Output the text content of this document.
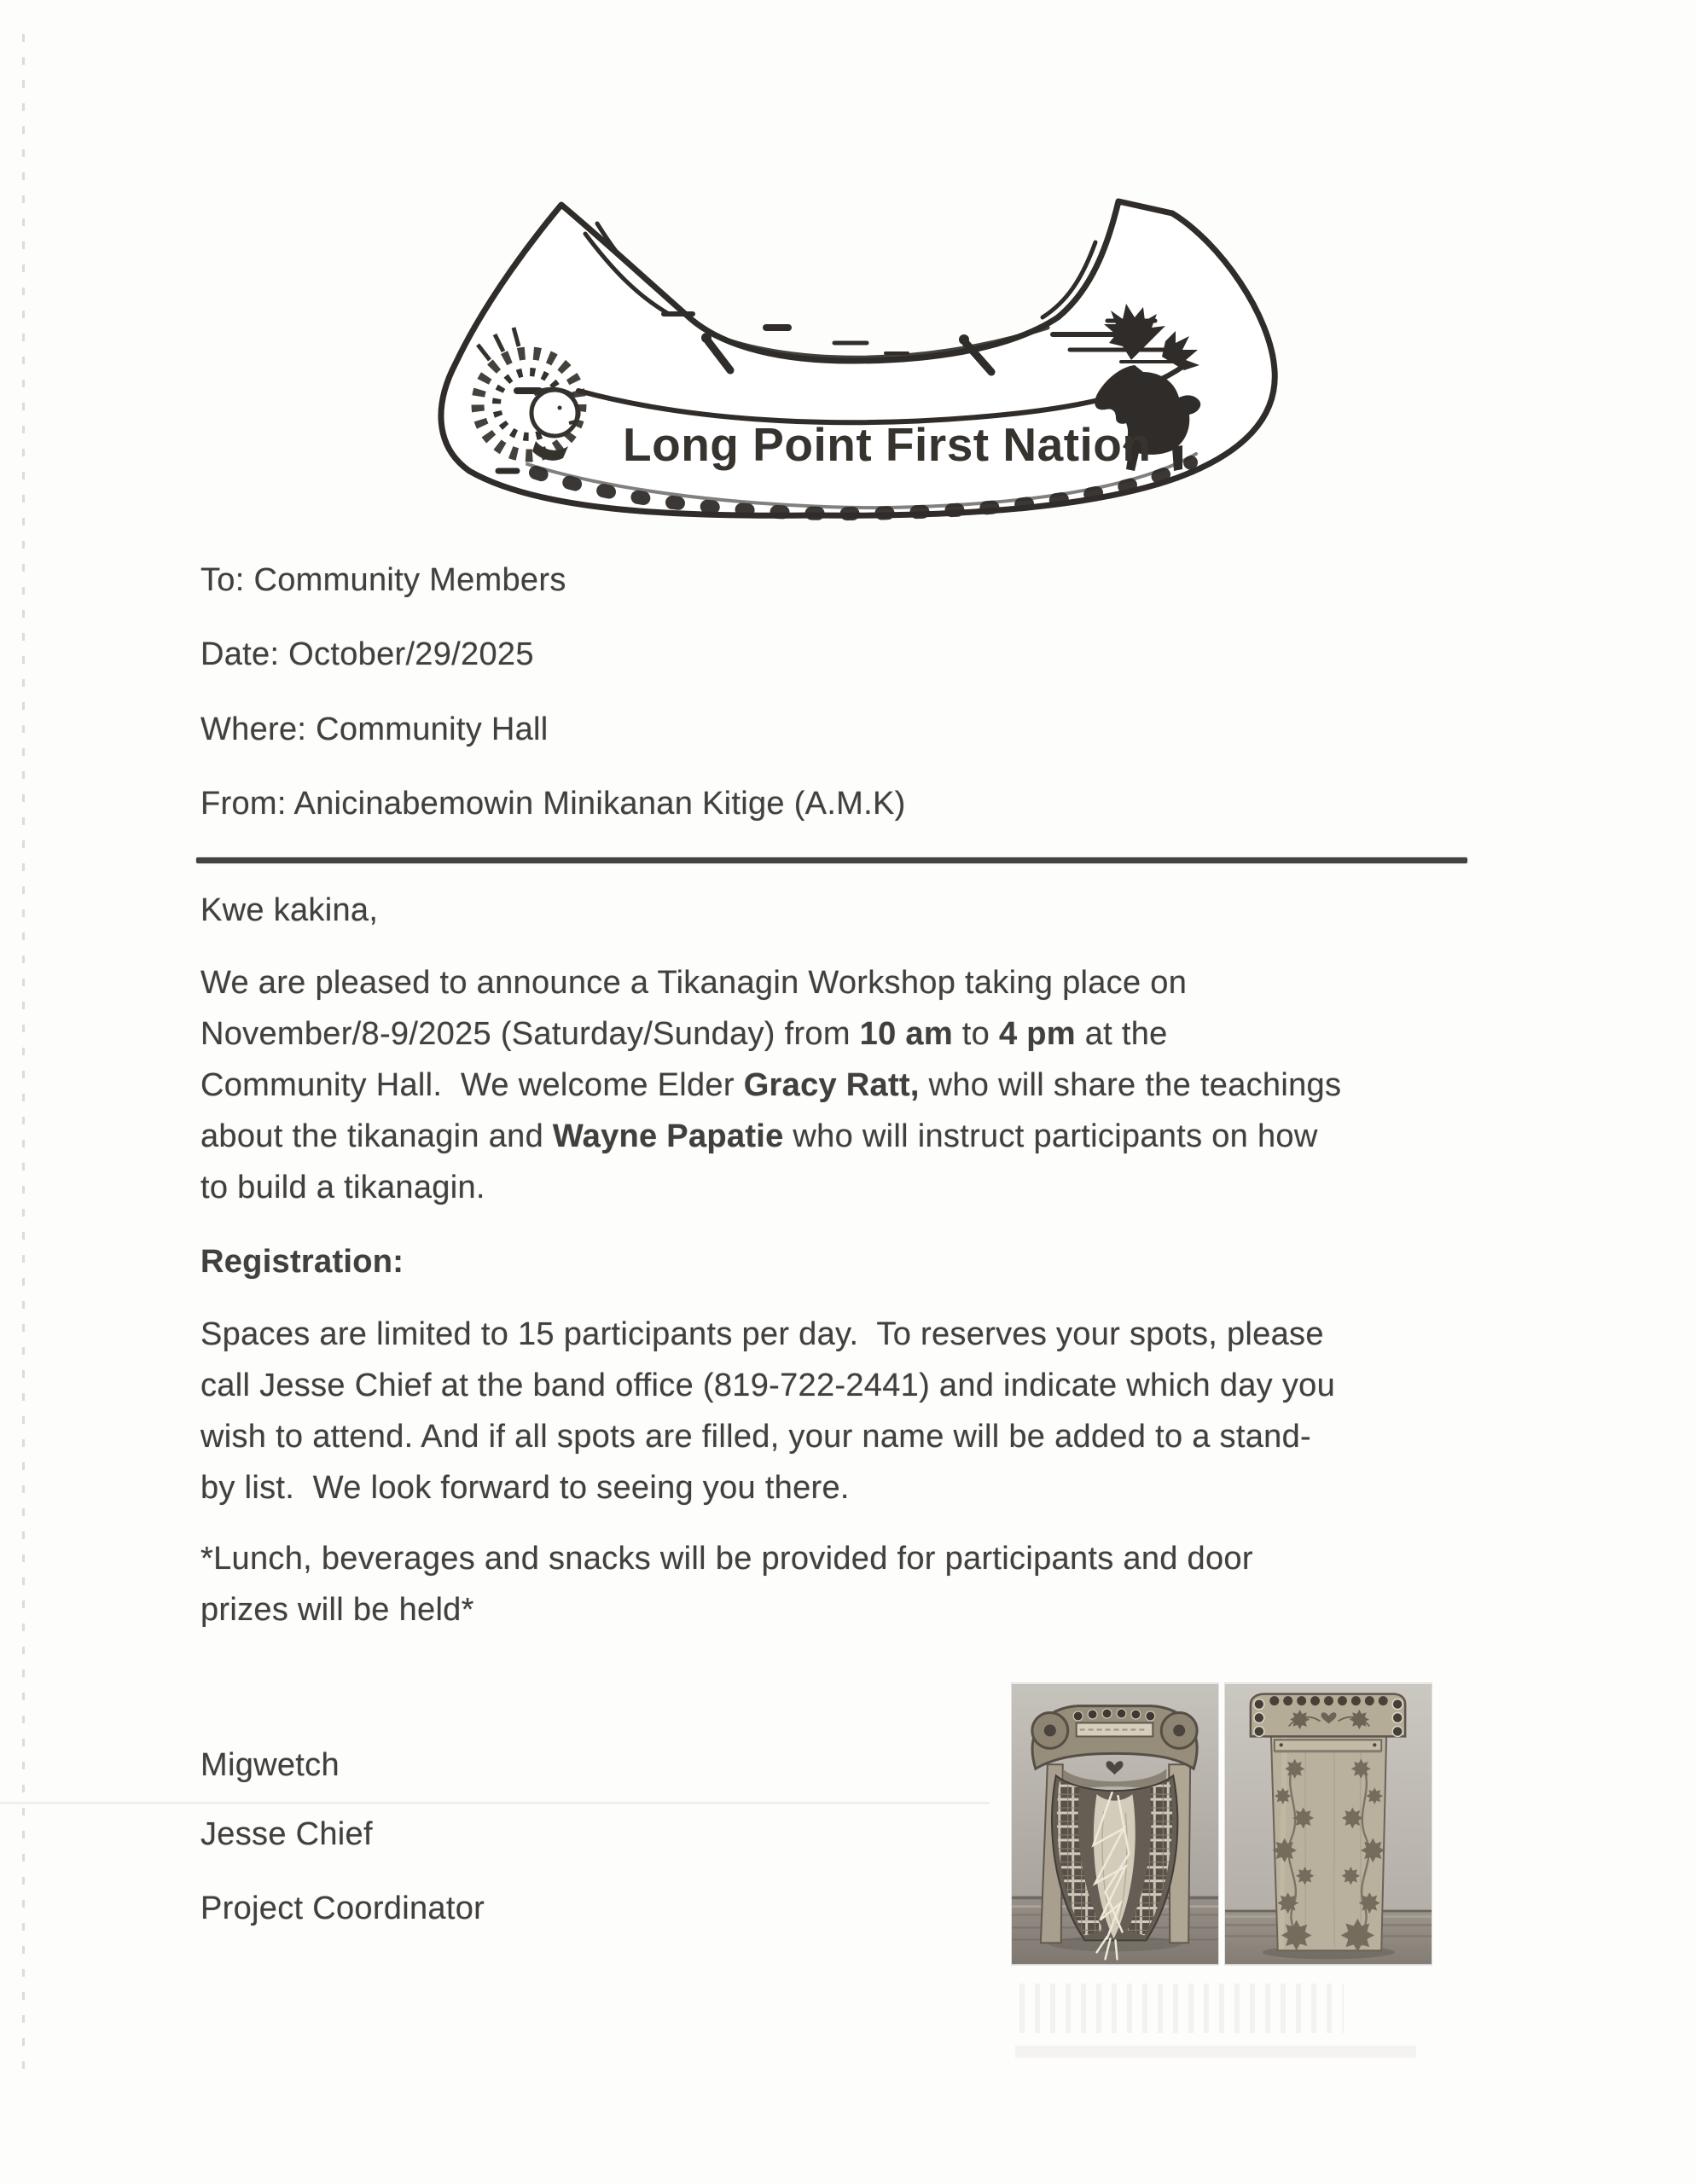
Long Point First Nation
To: Community Members
Date: October/29/2025
Where: Community Hall
From: Anicinabemowin Minikanan Kitige (A.M.K)
Kwe kakina,
We are pleased to announce a Tikanagin Workshop taking place on
November/8-9/2025 (Saturday/Sunday) from 10 am to 4 pm at the
Community Hall.  We welcome Elder Gracy Ratt, who will share the teachings
about the tikanagin and Wayne Papatie who will instruct participants on how
to build a tikanagin.
Registration:
Spaces are limited to 15 participants per day.  To reserves your spots, please
call Jesse Chief at the band office (819-722-2441) and indicate which day you
wish to attend. And if all spots are filled, your name will be added to a stand-
by list.  We look forward to seeing you there.
*Lunch, beverages and snacks will be provided for participants and door
prizes will be held*
Migwetch
Jesse Chief
Project Coordinator
